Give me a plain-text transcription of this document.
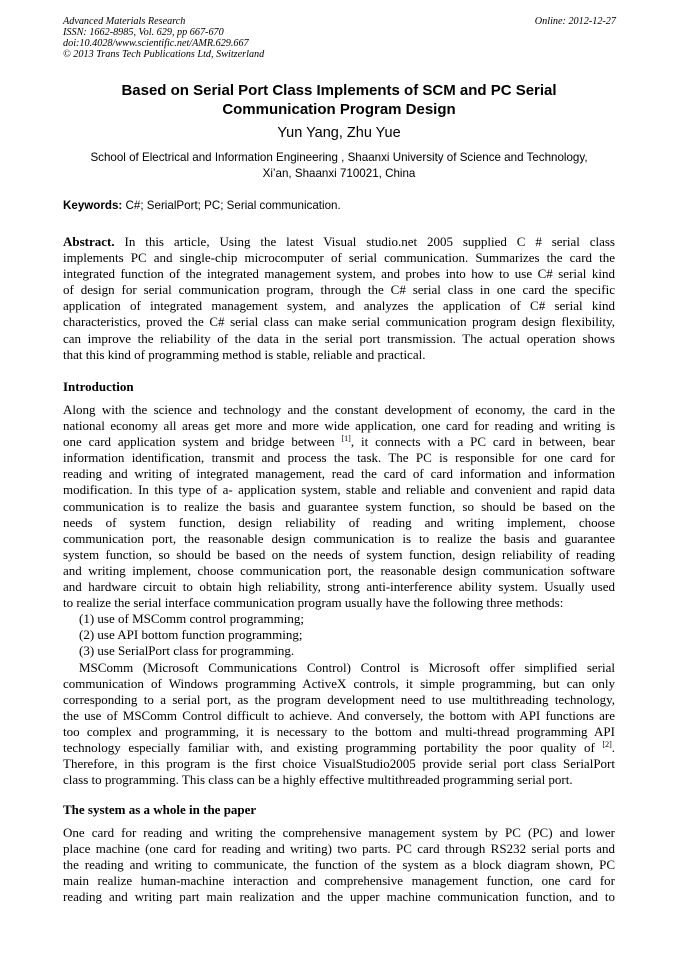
Advanced Materials Research
ISSN: 1662-8985, Vol. 629, pp 667-670
doi:10.4028/www.scientific.net/AMR.629.667
© 2013 Trans Tech Publications Ltd, Switzerland
Online: 2012-12-27
Based on Serial Port Class Implements of SCM and PC Serial
Communication Program Design
Yun Yang, Zhu Yue
School of Electrical and Information Engineering , Shaanxi University of Science and Technology,
Xi’an, Shaanxi 710021, China
Keywords: C#; SerialPort; PC; Serial communication.
Abstract. In this article, Using the latest Visual studio.net 2005 supplied C # serial class
implements PC and single-chip microcomputer of serial communication. Summarizes the card the
integrated function of the integrated management system, and probes into how to use C# serial kind
of design for serial communication program, through the C# serial class in one card the specific
application of integrated management system, and analyzes the application of C# serial kind
characteristics, proved the C# serial class can make serial communication program design flexibility,
can improve the reliability of the data in the serial port transmission. The actual operation shows
that this kind of programming method is stable, reliable and practical.
Introduction
Along with the science and technology and the constant development of economy, the card in the
national economy all areas get more and more wide application, one card for reading and writing is
one card application system and bridge between [1], it connects with a PC card in between, bear
information identification, transmit and process the task. The PC is responsible for one card for
reading and writing of integrated management, read the card of card information and information
modification. In this type of a- application system, stable and reliable and convenient and rapid data
communication is to realize the basis and guarantee system function, so should be based on the
needs of system function, design reliability of reading and writing implement, choose
communication port, the reasonable design communication is to realize the basis and guarantee
system function, so should be based on the needs of system function, design reliability of reading
and writing implement, choose communication port, the reasonable design communication software
and hardware circuit to obtain high reliability, strong anti-interference ability system. Usually used
to realize the serial interface communication program usually have the following three methods:
(1) use of MSComm control programming;
(2) use API bottom function programming;
(3) use SerialPort class for programming.
MSComm (Microsoft Communications Control) Control is Microsoft offer simplified serial
communication of Windows programming ActiveX controls, it simple programming, but can only
corresponding to a serial port, as the program development need to use multithreading technology,
the use of MSComm Control difficult to achieve. And conversely, the bottom with API functions are
too complex and programming, it is necessary to the bottom and multi-thread programming API
technology especially familiar with, and existing programming portability the poor quality of [2].
Therefore, in this program is the first choice VisualStudio2005 provide serial port class SerialPort
class to programming. This class can be a highly effective multithreaded programming serial port.
The system as a whole in the paper
One card for reading and writing the comprehensive management system by PC (PC) and lower
place machine (one card for reading and writing) two parts. PC card through RS232 serial ports and
the reading and writing to communicate, the function of the system as a block diagram shown, PC
main realize human-machine interaction and comprehensive management function, one card for
reading and writing part main realization and the upper machine communication function, and to
